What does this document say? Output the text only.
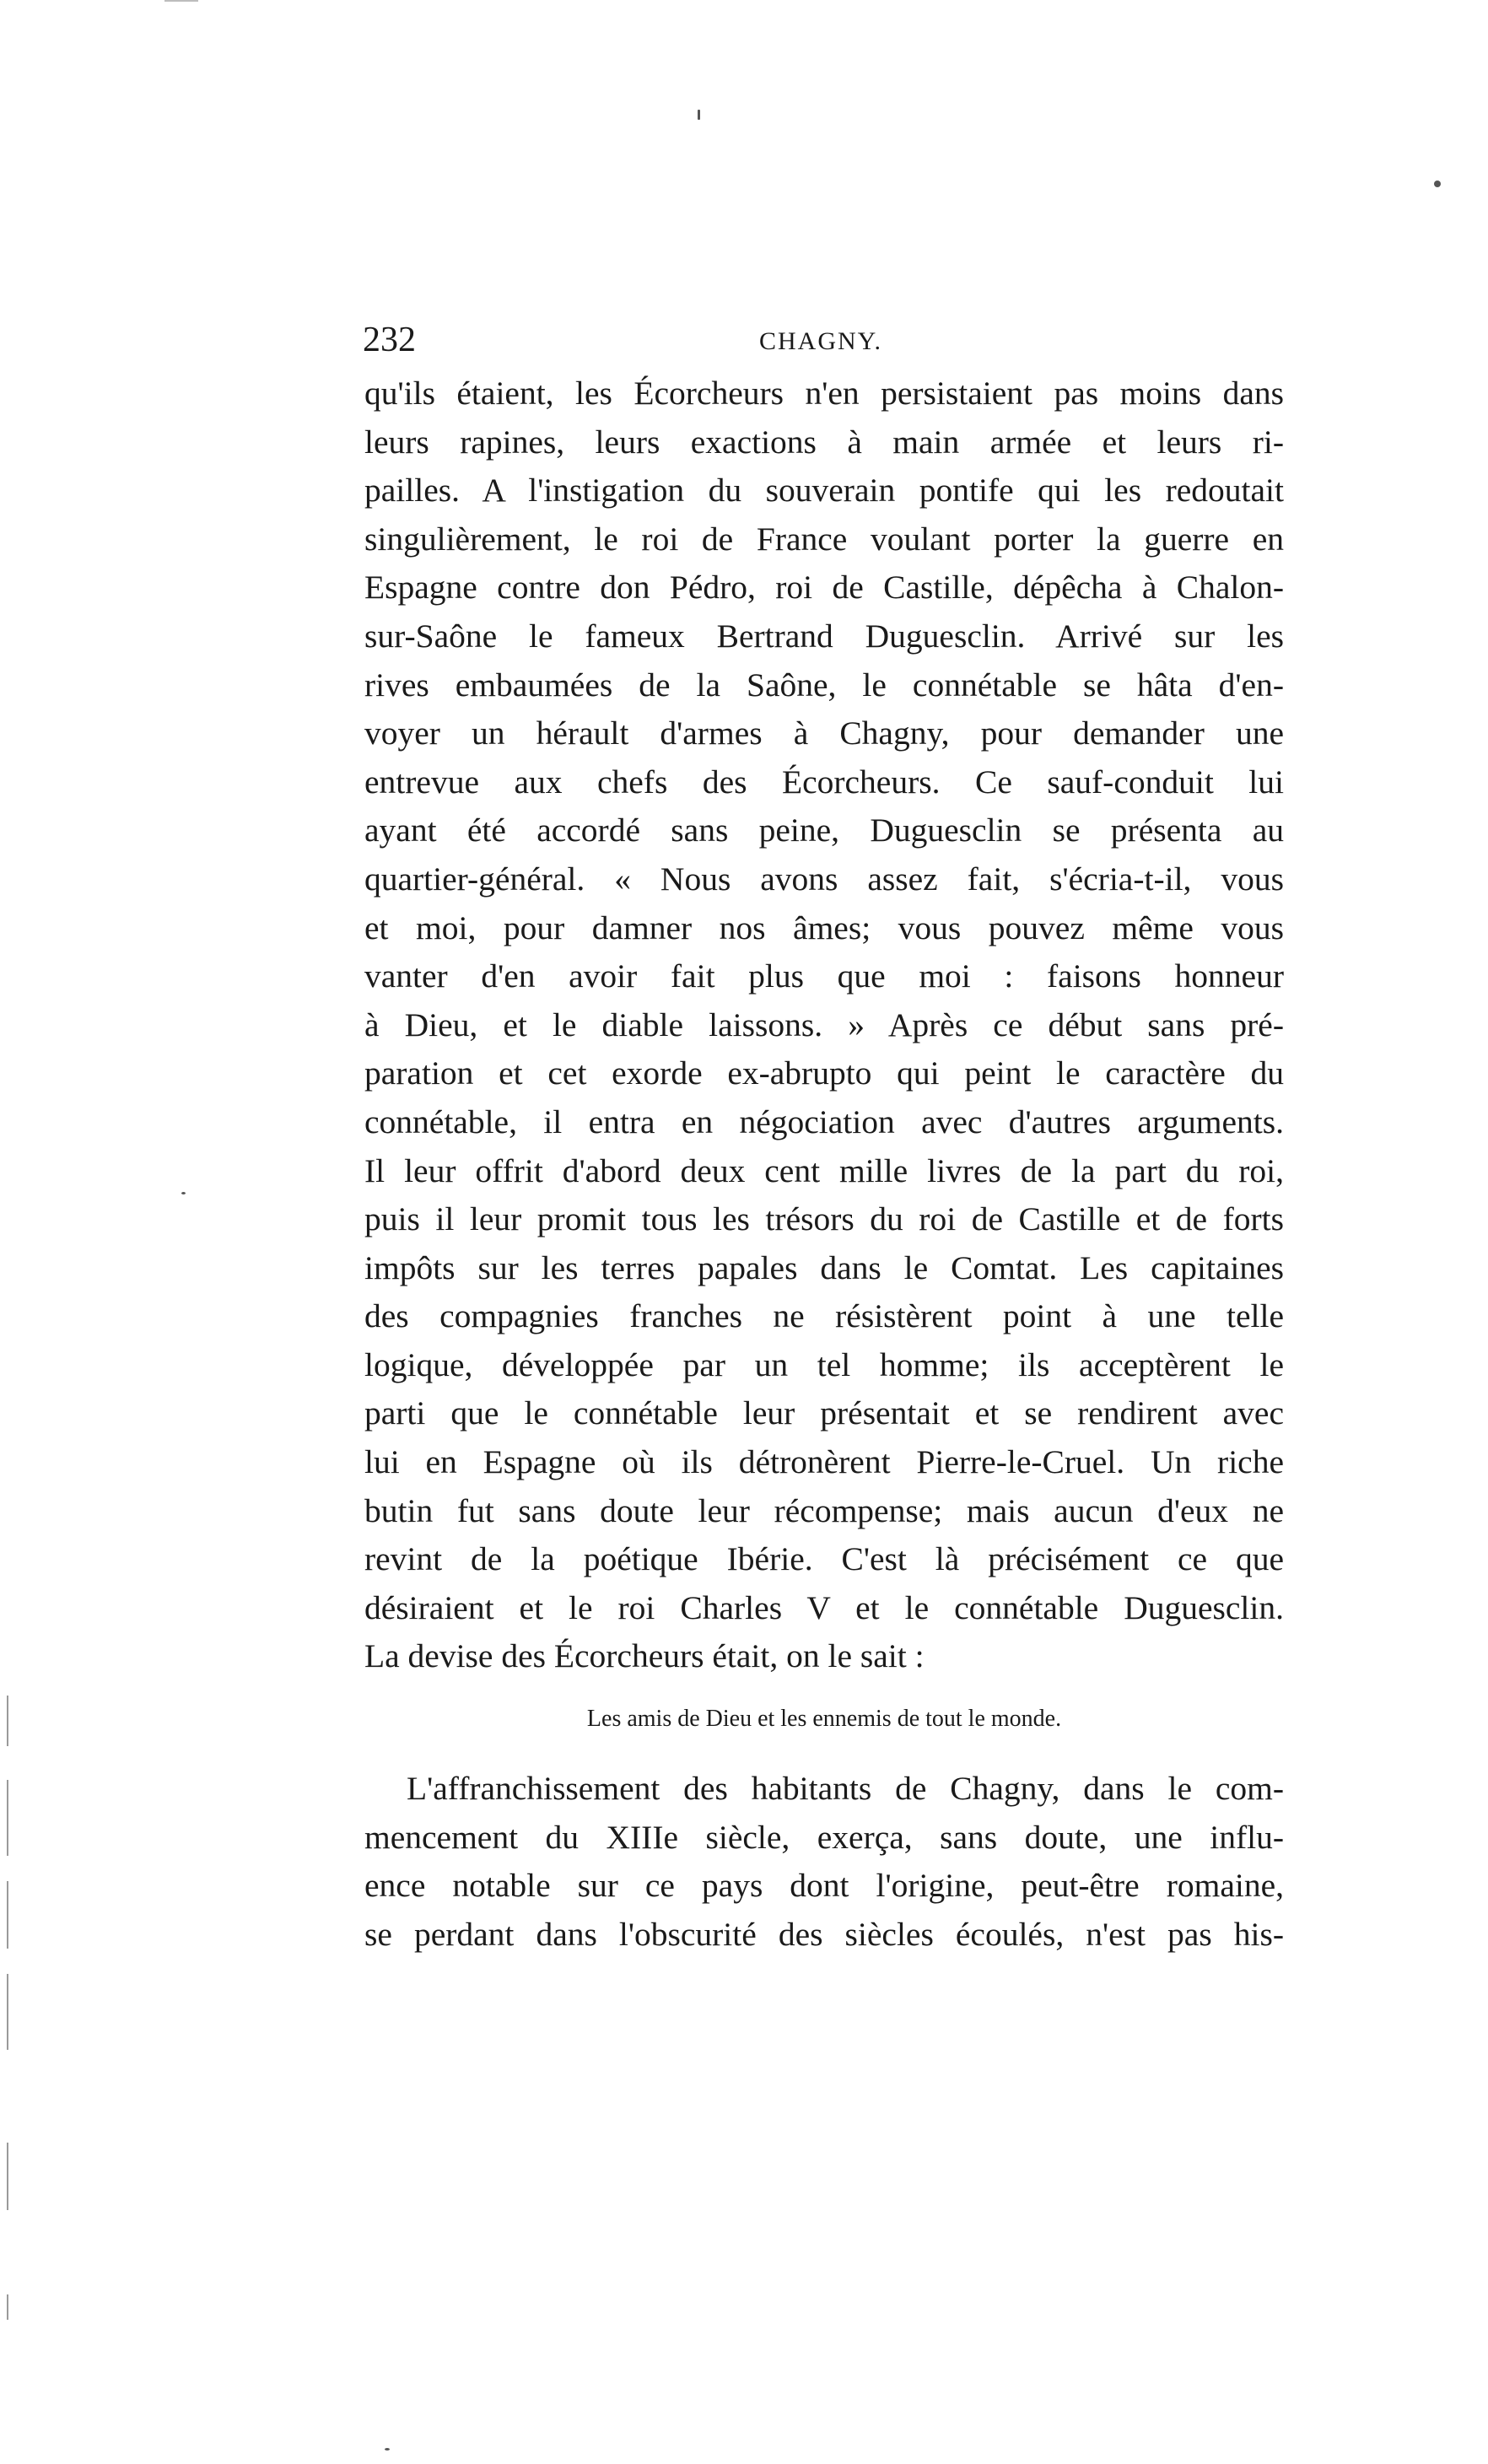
232	CHAGNY.
qu'ils étaient, les Écorcheurs n'en persistaient pas moins dans
leurs rapines, leurs exactions à main armée et leurs ri-
pailles. A l'instigation du souverain pontife qui les redoutait
singulièrement, le roi de France voulant porter la guerre en
Espagne contre don Pédro, roi de Castille, dépêcha à Chalon-
sur-Saône le fameux Bertrand Duguesclin. Arrivé sur les
rives embaumées de la Saône, le connétable se hâta d'en-
voyer un hérault d'armes à Chagny, pour demander une
entrevue aux chefs des Écorcheurs. Ce sauf-conduit lui
ayant été accordé sans peine, Duguesclin se présenta au
quartier-général. « Nous avons assez fait, s'écria-t-il, vous
et moi, pour damner nos âmes; vous pouvez même vous
vanter d'en avoir fait plus que moi : faisons honneur
à Dieu, et le diable laissons. » Après ce début sans pré-
paration et cet exorde ex-abrupto qui peint le caractère du
connétable, il entra en négociation avec d'autres arguments.
Il leur offrit d'abord deux cent mille livres de la part du roi,
puis il leur promit tous les trésors du roi de Castille et de forts
impôts sur les terres papales dans le Comtat. Les capitaines
des compagnies franches ne résistèrent point à une telle
logique, développée par un tel homme; ils acceptèrent le
parti que le connétable leur présentait et se rendirent avec
lui en Espagne où ils détronèrent Pierre-le-Cruel. Un riche
butin fut sans doute leur récompense; mais aucun d'eux ne
revint de la poétique Ibérie. C'est là précisément ce que
désiraient et le roi Charles V et le connétable Duguesclin.
La devise des Écorcheurs était, on le sait :
Les amis de Dieu et les ennemis de tout le monde.
L'affranchissement des habitants de Chagny, dans le com-
mencement du XIIIe siècle, exerça, sans doute, une influ-
ence notable sur ce pays dont l'origine, peut-être romaine,
se perdant dans l'obscurité des siècles écoulés, n'est pas his-
